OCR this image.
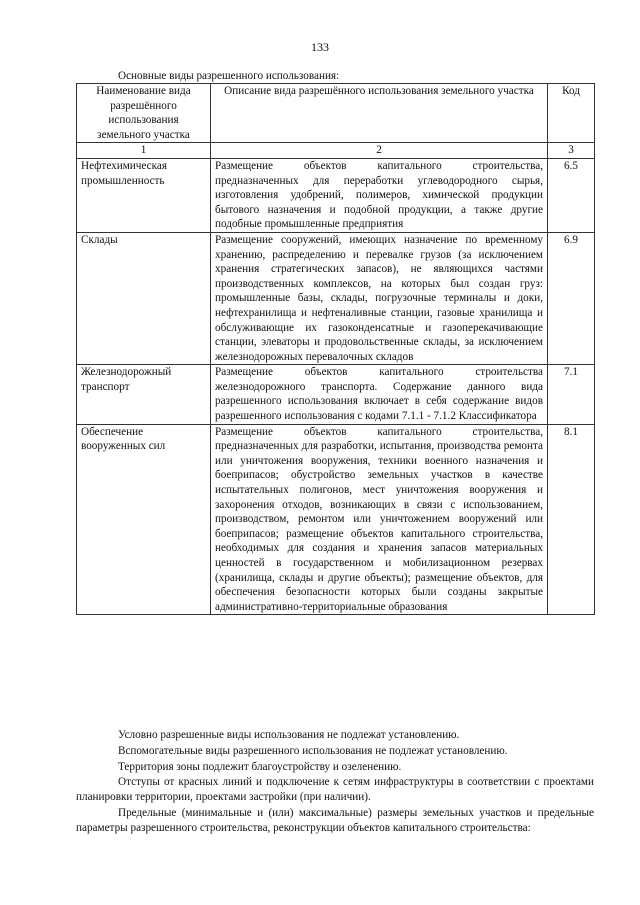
133
Основные виды разрешенного использования:
Наименование вида разрешённого использования земельного участка	Описание вида разрешённого использования земельного участка	Код
1	2	3
Нефтехимическая промышленность	Размещение объектов капитального строительства, предназначенных для переработки углеводородного сырья, изготовления удобрений, полимеров, химической продукции бытового назначения и подобной продукции, а также другие подобные промышленные предприятия	6.5
Склады	Размещение сооружений, имеющих назначение по временному хранению, распределению и перевалке грузов (за исключением хранения стратегических запасов), не являющихся частями производственных комплексов, на которых был создан груз: промышленные базы, склады, погрузочные терминалы и доки, нефтехранилища и нефтеналивные станции, газовые хранилища и обслуживающие их газоконденсатные и газоперекачивающие станции, элеваторы и продовольственные склады, за исключением железнодорожных перевалочных складов	6.9
Железнодорожный транспорт	Размещение объектов капитального строительства железнодорожного транспорта. Содержание данного вида разрешенного использования включает в себя содержание видов разрешенного использования с кодами 7.1.1 - 7.1.2 Классификатора	7.1
Обеспечение вооруженных сил	Размещение объектов капитального строительства, предназначенных для разработки, испытания, производства ремонта или уничтожения вооружения, техники военного назначения и боеприпасов; обустройство земельных участков в качестве испытательных полигонов, мест уничтожения вооружения и захоронения отходов, возникающих в связи с использованием, производством, ремонтом или уничтожением вооружений или боеприпасов; размещение объектов капитального строительства, необходимых для создания и хранения запасов материальных ценностей в государственном и мобилизационном резервах (хранилища, склады и другие объекты); размещение объектов, для обеспечения безопасности которых были созданы закрытые административно-территориальные образования	8.1
Условно разрешенные виды использования не подлежат установлению.
Вспомогательные виды разрешенного использования не подлежат установлению.
Территория зоны подлежит благоустройству и озеленению.
Отступы от красных линий и подключение к сетям инфраструктуры в соответствии с проектами планировки территории, проектами застройки (при наличии).
Предельные (минимальные и (или) максимальные) размеры земельных участков и предельные параметры разрешенного строительства, реконструкции объектов капитального строительства:
